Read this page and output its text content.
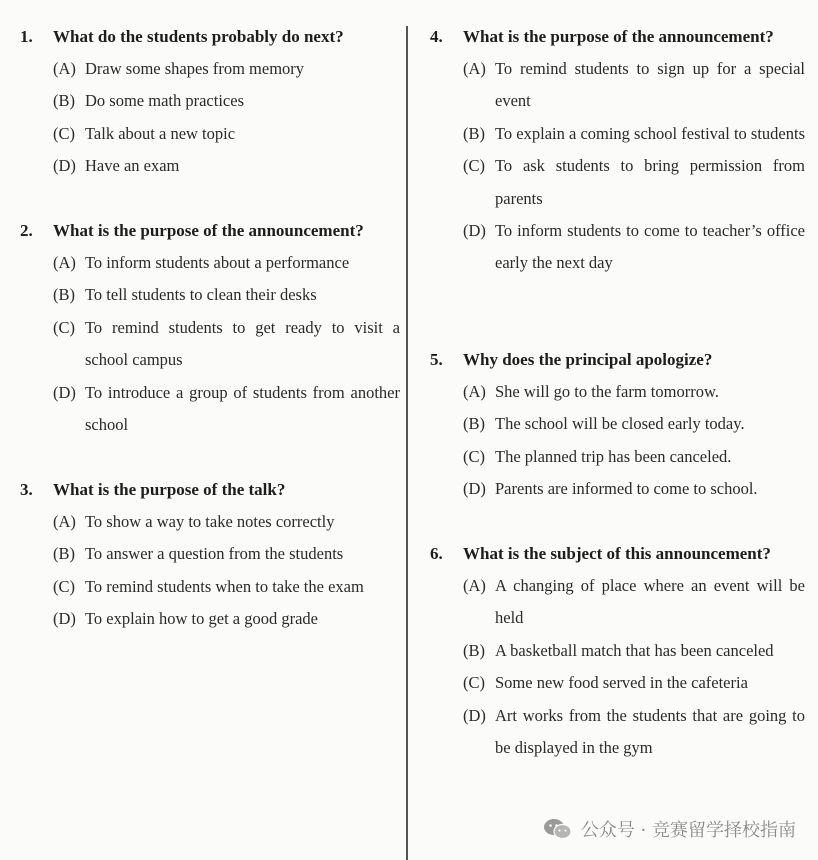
1.	What do the students probably do next?
(A) Draw some shapes from memory
(B) Do some math practices
(C) Talk about a new topic
(D) Have an exam
2.	What is the purpose of the announcement?
(A) To inform students about a performance
(B) To tell students to clean their desks
(C) To remind students to get ready to visit a school campus
(D) To introduce a group of students from another school
3.	What is the purpose of the talk?
(A) To show a way to take notes correctly
(B) To answer a question from the students
(C) To remind students when to take the exam
(D) To explain how to get a good grade
4.	What is the purpose of the announcement?
(A) To remind students to sign up for a special event
(B) To explain a coming school festival to students
(C) To ask students to bring permission from parents
(D) To inform students to come to teacher’s office early the next day
5.	Why does the principal apologize?
(A) She will go to the farm tomorrow.
(B) The school will be closed early today.
(C) The planned trip has been canceled.
(D) Parents are informed to come to school.
6.	What is the subject of this announcement?
(A) A changing of place where an event will be held
(B) A basketball match that has been canceled
(C) Some new food served in the cafeteria
(D) Art works from the students that are going to be displayed in the gym
公众号 · 竞赛留学择校指南
